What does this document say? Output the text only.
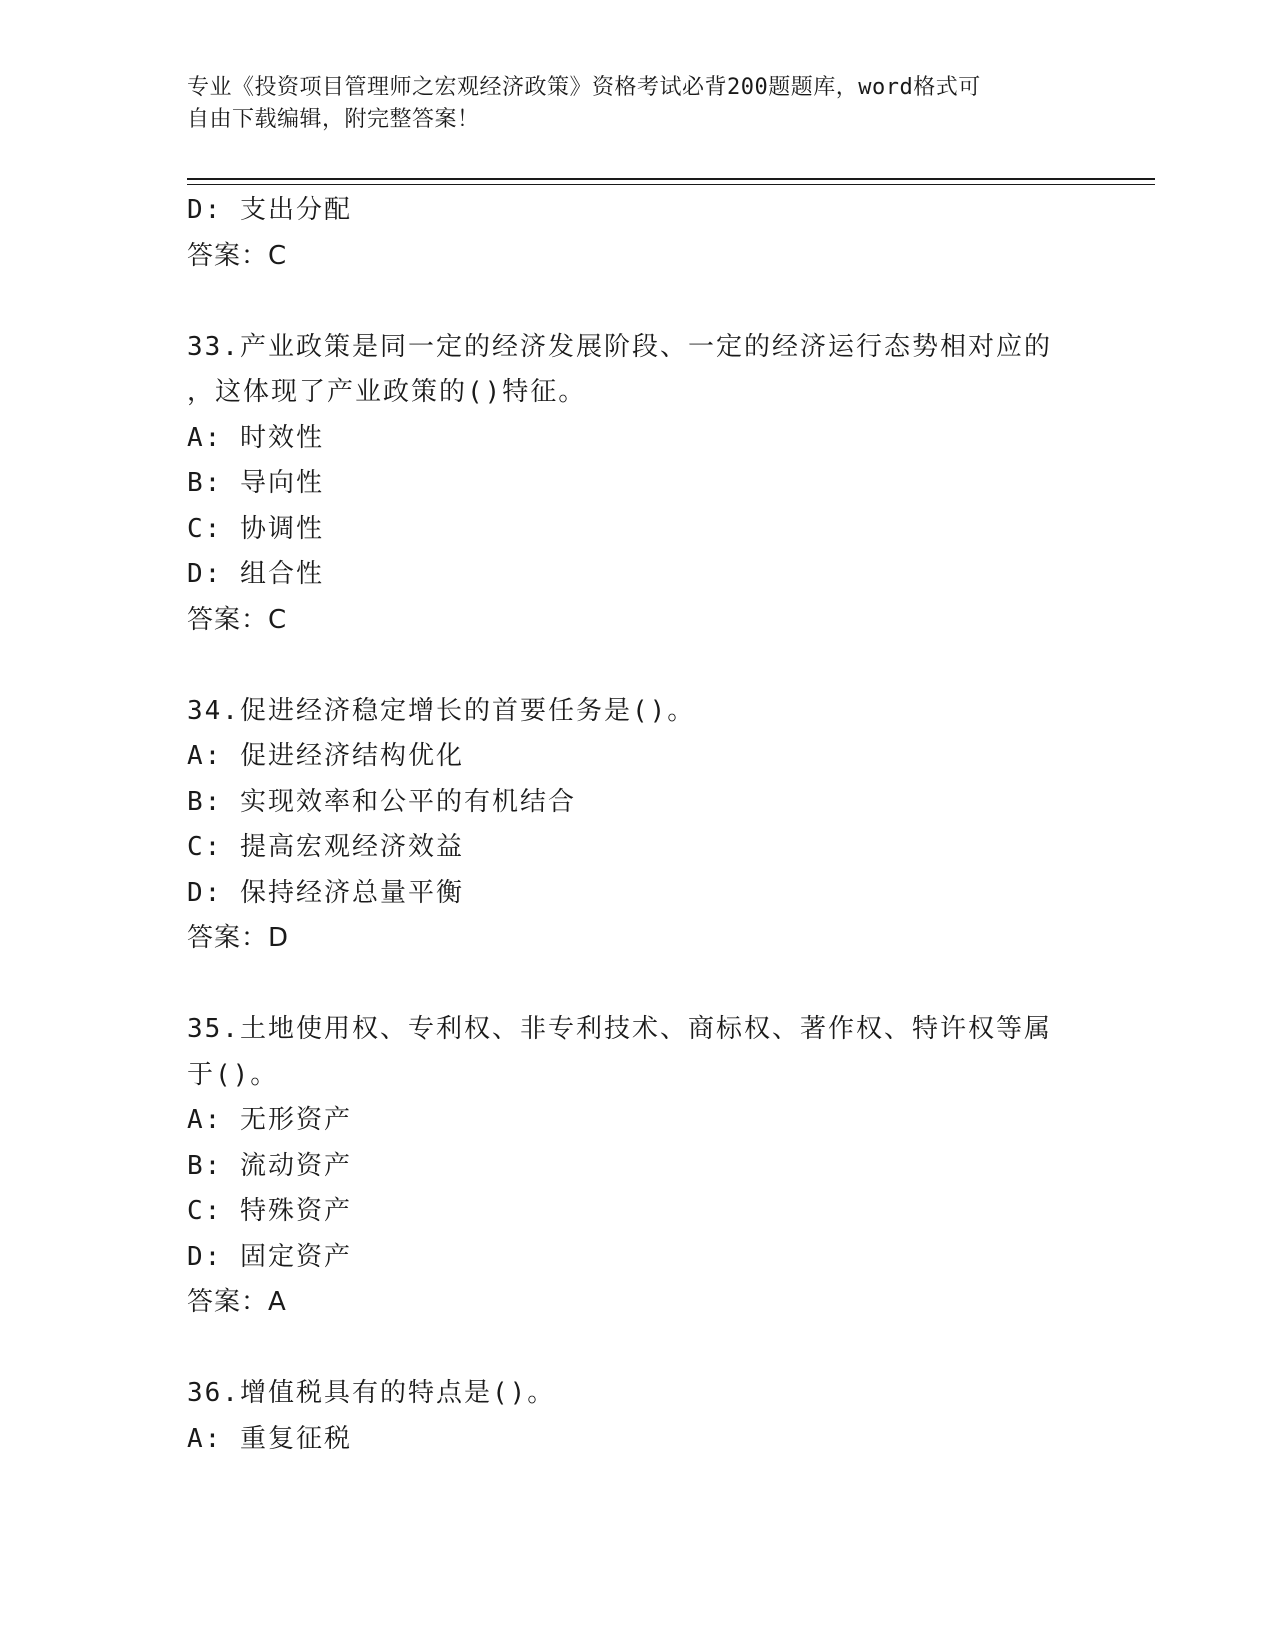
专业《投资项目管理师之宏观经济政策》资格考试必背200题题库，word格式可
自由下载编辑，附完整答案！
D: 支出分配
答案：C
33.产业政策是同一定的经济发展阶段、一定的经济运行态势相对应的
，这体现了产业政策的()特征。
A: 时效性
B: 导向性
C: 协调性
D: 组合性
答案：C
34.促进经济稳定增长的首要任务是()。
A: 促进经济结构优化
B: 实现效率和公平的有机结合
C: 提高宏观经济效益
D: 保持经济总量平衡
答案：D
35.土地使用权、专利权、非专利技术、商标权、著作权、特许权等属
于()。
A: 无形资产
B: 流动资产
C: 特殊资产
D: 固定资产
答案：A
36.增值税具有的特点是()。
A: 重复征税
